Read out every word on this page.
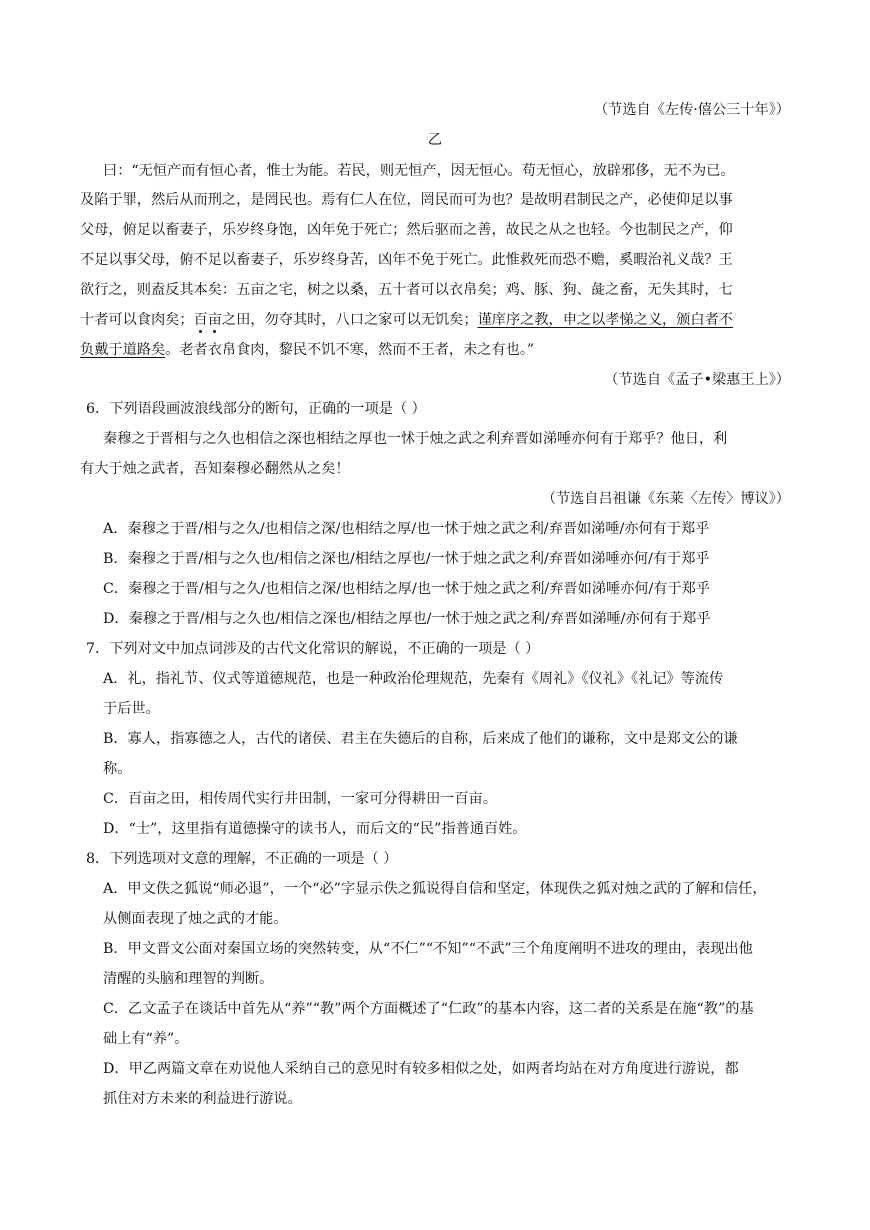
（节选自《左传·僖公三十年》）
乙
曰：“无恒产而有恒心者，惟士为能。若民，则无恒产，因无恒心。苟无恒心，放辟邪侈，无不为已。
及陷于罪，然后从而刑之，是罔民也。焉有仁人在位，罔民而可为也？是故明君制民之产，必使仰足以事
父母，俯足以畜妻子，乐岁终身饱，凶年免于死亡；然后驱而之善，故民之从之也轻。今也制民之产，仰
不足以事父母，俯不足以畜妻子，乐岁终身苦，凶年不免于死亡。此惟救死而恐不赡，奚暇治礼义哉？王
欲行之，则盍反其本矣：五亩之宅，树之以桑，五十者可以衣帛矣；鸡、豚、狗、彘之畜，无失其时，七
十者可以食肉矣；百亩之田，勿夺其时，八口之家可以无饥矣；谨庠序之教，申之以孝悌之义，颁白者不
负戴于道路矣。老者衣帛食肉，黎民不饥不寒，然而不王者，未之有也。”
（节选自《孟子•梁惠王上》）
6．下列语段画波浪线部分的断句，正确的一项是（ ）
秦穆之于晋相与之久也相信之深也相结之厚也一怵于烛之武之利弃晋如涕唾亦何有于郑乎？他日，利
有大于烛之武者，吾知秦穆必翻然从之矣！
（节选自吕祖谦《东莱〈左传〉博议》）
A．秦穆之于晋/相与之久/也相信之深/也相结之厚/也一怵于烛之武之利/弃晋如涕唾/亦何有于郑乎
B．秦穆之于晋/相与之久也/相信之深也/相结之厚也/一怵于烛之武之利/弃晋如涕唾亦何/有于郑乎
C．秦穆之于晋/相与之久/也相信之深/也相结之厚/也一怵于烛之武之利/弃晋如涕唾亦何/有于郑乎
D．秦穆之于晋/相与之久也/相信之深也/相结之厚也/一怵于烛之武之利/弃晋如涕唾/亦何有于郑乎
7．下列对文中加点词涉及的古代文化常识的解说，不正确的一项是（ ）
A．礼，指礼节、仪式等道德规范，也是一种政治伦理规范，先秦有《周礼》《仪礼》《礼记》等流传
于后世。
B．寡人，指寡德之人，古代的诸侯、君主在失德后的自称，后来成了他们的谦称，文中是郑文公的谦
称。
C．百亩之田，相传周代实行井田制，一家可分得耕田一百亩。
D．“士”，这里指有道德操守的读书人，而后文的“民”指普通百姓。
8．下列选项对文意的理解，不正确的一项是（ ）
A．甲文佚之狐说“师必退”，一个“必”字显示佚之狐说得自信和坚定，体现佚之狐对烛之武的了解和信任，
从侧面表现了烛之武的才能。
B．甲文晋文公面对秦国立场的突然转变，从“不仁”“不知”“不武”三个角度阐明不进攻的理由，表现出他
清醒的头脑和理智的判断。
C．乙文孟子在谈话中首先从“养”“教”两个方面概述了“仁政”的基本内容，这二者的关系是在施“教”的基
础上有“养”。
D．甲乙两篇文章在劝说他人采纳自己的意见时有较多相似之处，如两者均站在对方角度进行游说，都
抓住对方未来的利益进行游说。
